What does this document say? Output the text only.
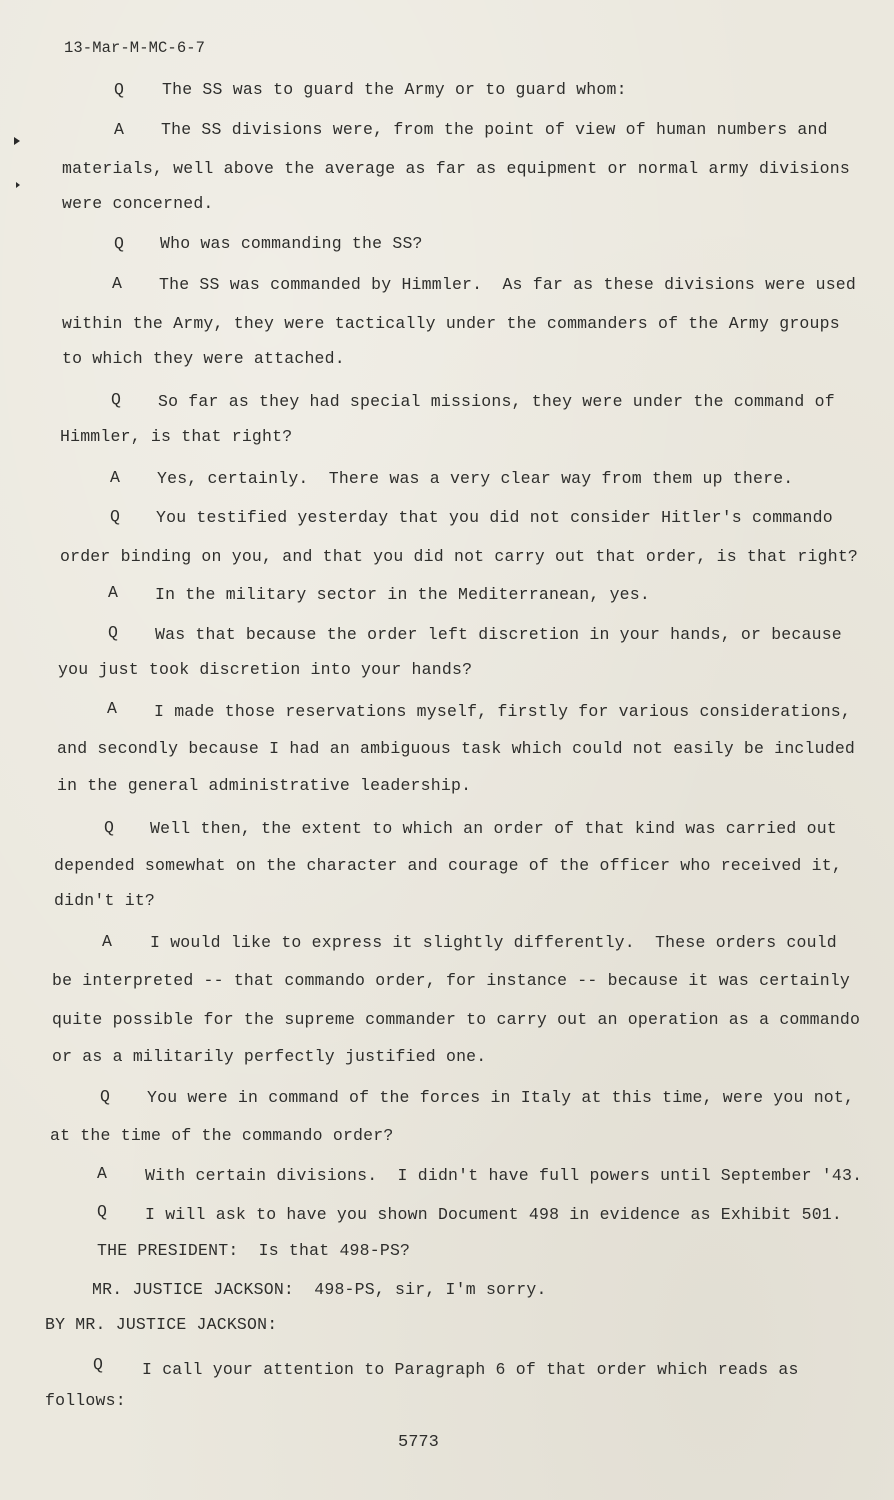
13-Mar-M-MC-6-7
Q The SS was to guard the Army or to guard whom:
A The SS divisions were, from the point of view of human numbers and
materials, well above the average as far as equipment or normal army divisions
were concerned.
Q Who was commanding the SS?
A The SS was commanded by Himmler.  As far as these divisions were used
within the Army, they were tactically under the commanders of the Army groups
to which they were attached.
Q So far as they had special missions, they were under the command of
Himmler, is that right?
A Yes, certainly.  There was a very clear way from them up there.
Q You testified yesterday that you did not consider Hitler's commando
order binding on you, and that you did not carry out that order, is that right?
A In the military sector in the Mediterranean, yes.
Q Was that because the order left discretion in your hands, or because
you just took discretion into your hands?
A I made those reservations myself, firstly for various considerations,
and secondly because I had an ambiguous task which could not easily be included
in the general administrative leadership.
Q Well then, the extent to which an order of that kind was carried out
depended somewhat on the character and courage of the officer who received it,
didn't it?
A I would like to express it slightly differently.  These orders could
be interpreted -- that commando order, for instance -- because it was certainly
quite possible for the supreme commander to carry out an operation as a commando
or as a militarily perfectly justified one.
Q You were in command of the forces in Italy at this time, were you not,
at the time of the commando order?
A With certain divisions.  I didn't have full powers until September '43.
Q I will ask to have you shown Document 498 in evidence as Exhibit 501.
THE PRESIDENT:  Is that 498-PS?
MR. JUSTICE JACKSON:  498-PS, sir, I'm sorry.
BY MR. JUSTICE JACKSON:
Q I call your attention to Paragraph 6 of that order which reads as
follows:
5773
